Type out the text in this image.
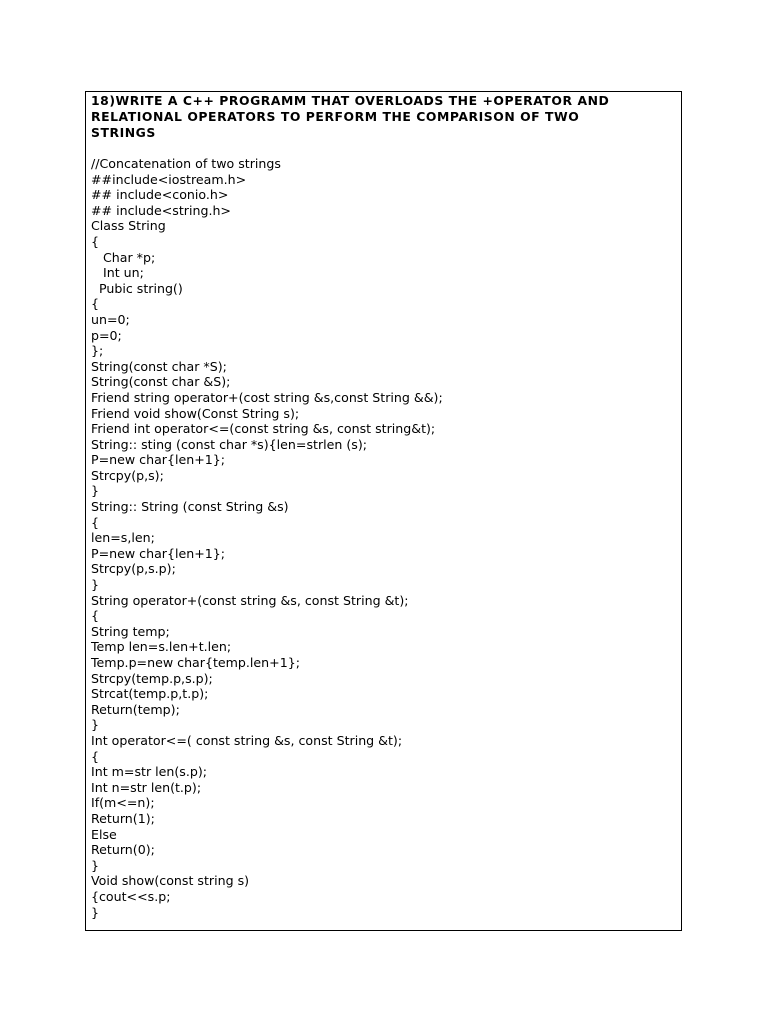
18)WRITE A C++ PROGRAMM THAT OVERLOADS THE +OPERATOR AND
RELATIONAL OPERATORS TO PERFORM THE COMPARISON OF TWO
STRINGS
//Concatenation of two strings
##include<iostream.h>
## include<conio.h>
## include<string.h>
Class String
{
Char *p;
Int un;
Pubic string()
{
un=0;
p=0;
};
String(const char *S);
String(const char &S);
Friend string operator+(cost string &s,const String &&);
Friend void show(Const String s);
Friend int operator<=(const string &s, const string&t);
String:: sting (const char *s){len=strlen (s);
P=new char{len+1};
Strcpy(p,s);
}
String:: String (const String &s)
{
len=s,len;
P=new char{len+1};
Strcpy(p,s.p);
}
String operator+(const string &s, const String &t);
{
String temp;
Temp len=s.len+t.len;
Temp.p=new char{temp.len+1};
Strcpy(temp.p,s.p);
Strcat(temp.p,t.p);
Return(temp);
}
Int operator<=( const string &s, const String &t);
{
Int m=str len(s.p);
Int n=str len(t.p);
If(m<=n);
Return(1);
Else
Return(0);
}
Void show(const string s)
{cout<<s.p;
}
